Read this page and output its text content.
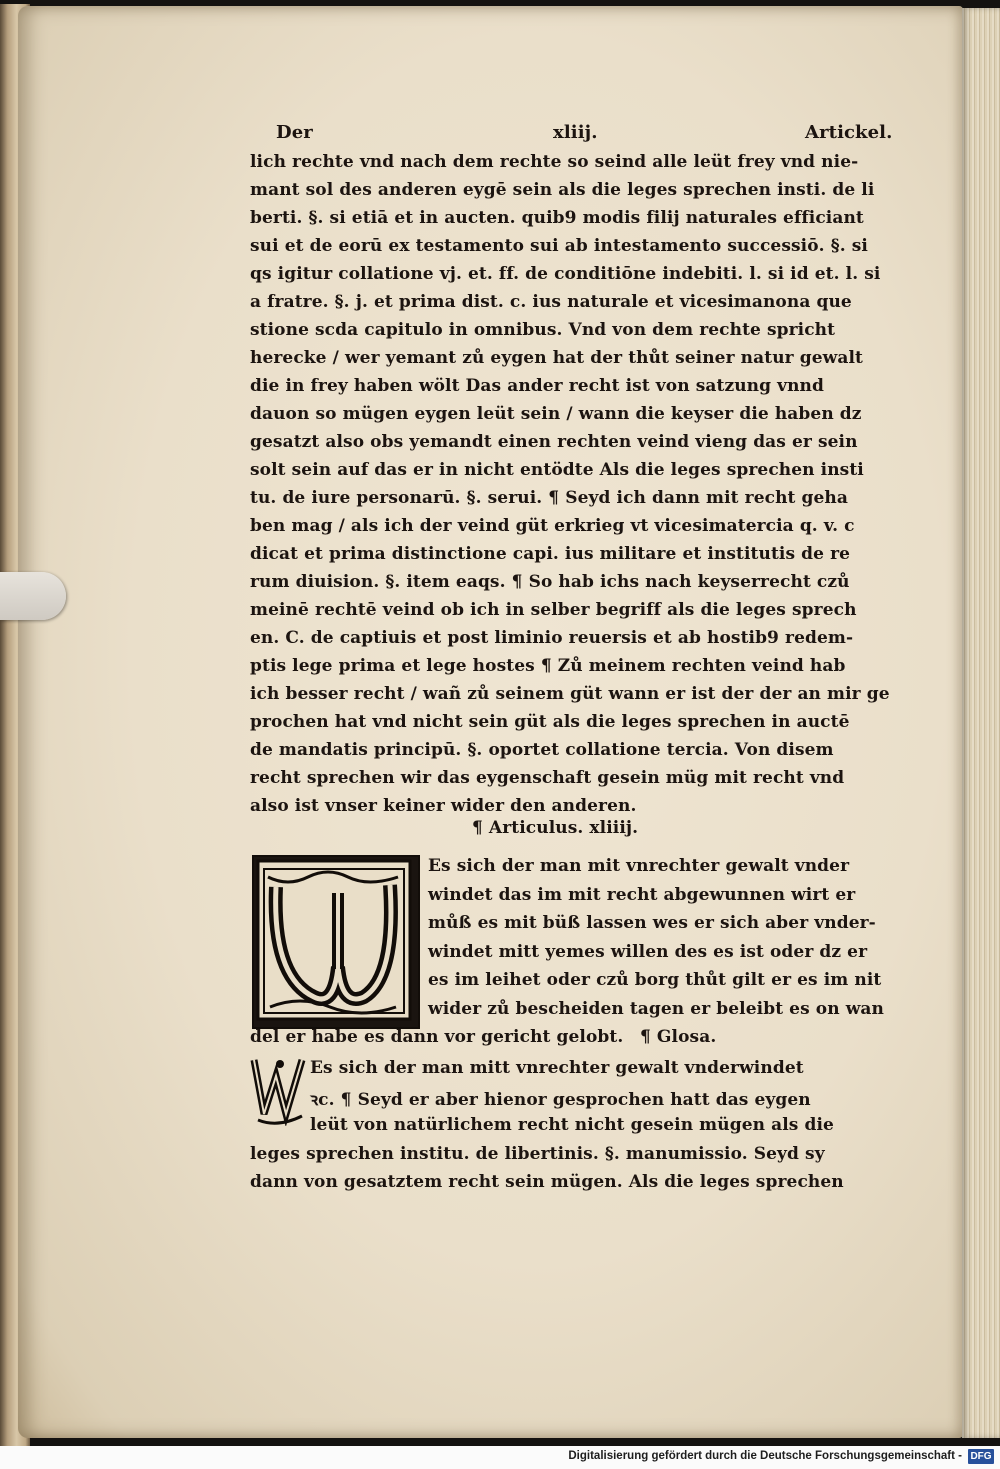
Der	xliij.	Artickel.
lich rechte vnd nach dem rechte so seind alle leüt frey vnd nie-
mant sol des anderen eygē sein als die leges sprechen insti. de li
berti. §. si etiā et in aucten. quib9 modis filij naturales efficiant
sui et de eorū ex testamento sui ab intestamento successiō. §. si
qs igitur collatione vj. et. ff. de conditiōne indebiti. l. si id et. l. si
a fratre. §. j. et prima dist. c. ius naturale et vicesimanona que
stione scda capitulo in omnibus. Vnd von dem rechte spricht
herecke / wer yemant zů eygen hat der thůt seiner natur gewalt
die in frey haben wölt Das ander recht ist von satzung vnnd
dauon so mügen eygen leüt sein / wann die keyser die haben dz
gesatzt also obs yemandt einen rechten veind vieng das er sein
solt sein auf das er in nicht entödte Als die leges sprechen insti
tu. de iure personarū. §. serui. ¶ Seyd ich dann mit recht geha
ben mag / als ich der veind güt erkrieg vt vicesimatercia q. v. c
dicat et prima distinctione capi. ius militare et institutis de re
rum diuision. §. item eaqs. ¶ So hab ichs nach keyserrecht czů
meinē rechtē veind ob ich in selber begriff als die leges sprech
en. C. de captiuis et post liminio reuersis et ab hostib9 redem-
ptis lege prima et lege hostes ¶ Zů meinem rechten veind hab
ich besser recht / wañ zů seinem güt wann er ist der der an mir ge
prochen hat vnd nicht sein güt als die leges sprechen in auctē
de mandatis principū. §. oportet collatione tercia. Von disem
recht sprechen wir das eygenschaft gesein müg mit recht vnd
also ist vnser keiner wider den anderen.
¶ Articulus. xliiij.
Es sich der man mit vnrechter gewalt vnder
windet das im mit recht abgewunnen wirt er
můß es mit büß lassen wes er sich aber vnder-
windet mitt yemes willen des es ist oder dz er
es im leihet oder czů borg thůt gilt er es im nit
wider zů bescheiden tagen er beleibt es on wan
del er habe es dann vor gericht gelobt. ¶ Glosa.
Es sich der man mitt vnrechter gewalt vnderwindet
ꝛc. ¶ Seyd er aber hienor gesprochen hatt das eygen
leüt von natürlichem recht nicht gesein mügen als die
leges sprechen institu. de libertinis. §. manumissio. Seyd sy
dann von gesatztem recht sein mügen. Als die leges sprechen
Digitalisierung gefördert durch die Deutsche Forschungsgemeinschaft - DFG
